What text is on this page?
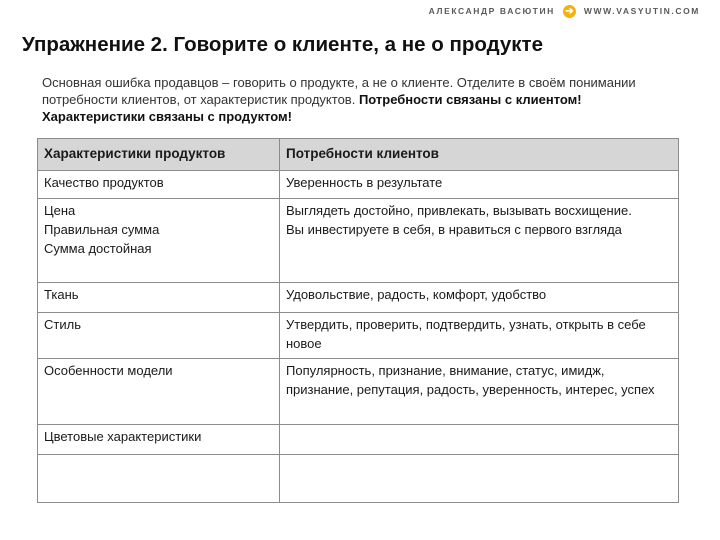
АЛЕКСАНДР ВАСЮТИН ➔ WWW.VASYUTIN.COM
Упражнение 2. Говорите о клиенте, а не о продукте
Основная ошибка продавцов – говорить о продукте, а не о клиенте. Отделите в своём понимании потребности клиентов, от характеристик продуктов. Потребности связаны с клиентом! Характеристики связаны с продуктом!
Характеристики продуктов	Потребности клиентов

Качество продуктов	Уверенность в результате

Цена
Правильная сумма
Сумма достойная	Выглядеть достойно, привлекать, вызывать восхищение.
Вы инвестируете в себя, в нравиться с первого взгляда

Ткань	Удовольствие, радость, комфорт, удобство

Стиль	Утвердить, проверить, подтвердить, узнать, открыть в себе новое

Особенности модели	Популярность, признание, внимание, статус, имидж, признание, репутация, радость, уверенность, интерес, успех

Цветовые характеристики	
